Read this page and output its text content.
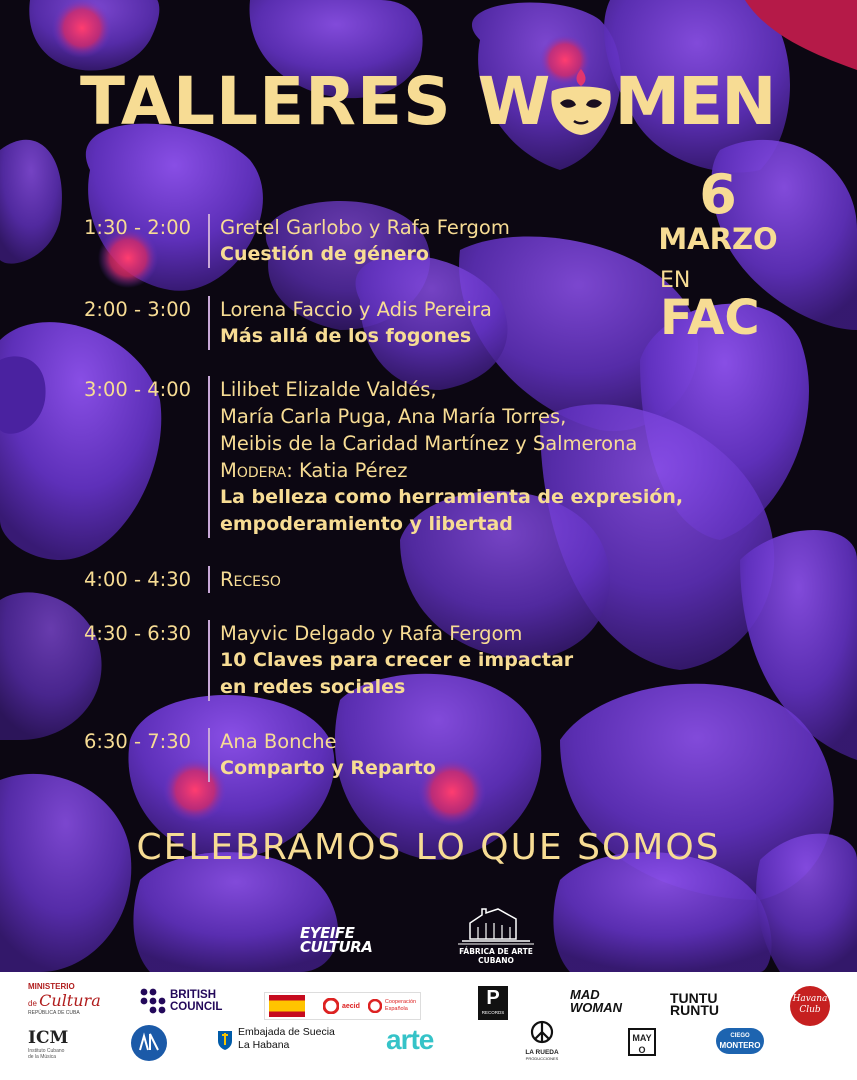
TALLERES W MEN
6
MARZO
EN
FAC
1:30 - 2:00	Gretel Garlobo y Rafa Fergom
Cuestión de género
2:00 - 3:00	Lorena Faccio y Adis Pereira
Más allá de los fogones
3:00 - 4:00	Lilibet Elizalde Valdés,
María Carla Puga, Ana María Torres,
Meibis de la Caridad Martínez y Salmerona
Modera: Katia Pérez
La belleza como herramienta de expresión,
empoderamiento y libertad
4:00 - 4:30	Receso
4:30 - 6:30	Mayvic Delgado y Rafa Fergom
10 Claves para crecer e impactar
en redes sociales
6:30 - 7:30	Ana Bonche
Comparto y Reparto
CELEBRAMOS LO QUE SOMOS
EYEIFE
CULTURA	FÁBRICA DE ARTE CUBANO
MINISTERIO
de Cultura
REPÚBLICA DE CUBA
BRITISH
COUNCIL	aecid
Cooperación
Española	P
RECORDS
MAD
WOMAN
TUNTU
RUNTU
Havana
Club
ICM
Instituto Cubano
de la Música
Embajada de Suecia
La Habana	arte	LA RUEDA
PRODUCCIONES
MAYO
CIEGO
MONTERO
